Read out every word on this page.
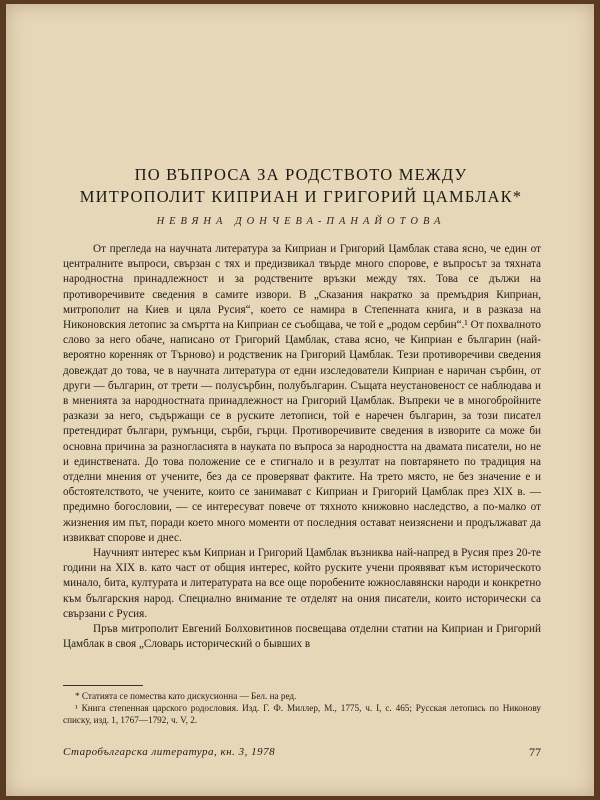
ПО ВЪПРОСА ЗА РОДСТВОТО МЕЖДУ
МИТРОПОЛИТ КИПРИАН И ГРИГОРИЙ ЦАМБЛАК*
НЕВЯНА ДОНЧЕВА-ПАНАЙОТОВА

От прегледа на научната литература за Киприан и Григорий Цамблак става ясно, че един от централните въпроси, свързан с тях и предизвикал твърде много спорове, е въпросът за тяхната народностна принадлежност и за родствените връзки между тях. Това се дължи на противоречивите сведения в самите извори. В „Сказания накратко за премъдрия Киприан, митрополит на Киев и цяла Русия“, което се намира в Степенната книга, и в разказа на Никоновския летопис за смъртта на Киприан се съобщава, че той е „родом сербин“.¹ От похвалното слово за него обаче, написано от Григорий Цамблак, става ясно, че Киприан е българин (най-вероятно коренняк от Търново) и родственик на Григорий Цамблак. Тези противоречиви сведения довеждат до това, че в научната литература от едни изследователи Киприан е наричан сърбин, от други — българин, от трети — полусърбин, полубългарин. Същата неустановеност се наблюдава и в мненията за народностната принадлежност на Григорий Цамблак. Въпреки че в многобройните разкази за него, съдържащи се в руските летописи, той е наречен българин, за този писател претендират българи, румънци, сърби, гърци. Противоречивите сведения в изворите са може би основна причина за разногласията в науката по въпроса за народността на двамата писатели, но не и единствената. До това положение се е стигнало и в резултат на повтарянето по традиция на отделни мнения от учените, без да се проверяват фактите. На трето място, не без значение е и обстоятелството, че учените, които се занимават с Киприан и Григорий Цамблак през XIX в. — предимно богословии, — се интересуват повече от тяхното книжовно наследство, а по-малко от жизнения им път, поради което много моменти от последния остават неизяснени и продължават да извикват спорове и днес.

Научният интерес към Киприан и Григорий Цамблак възниква най-напред в Русия през 20-те години на XIX в. като част от общия интерес, който руските учени проявяват към историческото минало, бита, културата и литературата на все още поробените южнославянски народи и конкретно към българския народ. Специално внимание те отделят на ония писатели, които исторически са свързани с Русия.

Пръв митрополит Евгений Болховитинов посвещава отделни статии на Киприан и Григорий Цамблак в своя „Словарь исторический о бывших в

* Статията се помества като дискусионна — Бел. на ред.

¹ Книга степенная царского родословия. Изд. Г. Ф. Миллер, М., 1775, ч. I, с. 465; Русская летопись по Никонову списку, изд. 1, 1767—1792, ч. V, 2.

Старобългарска литература, кн. 3, 1978	77
